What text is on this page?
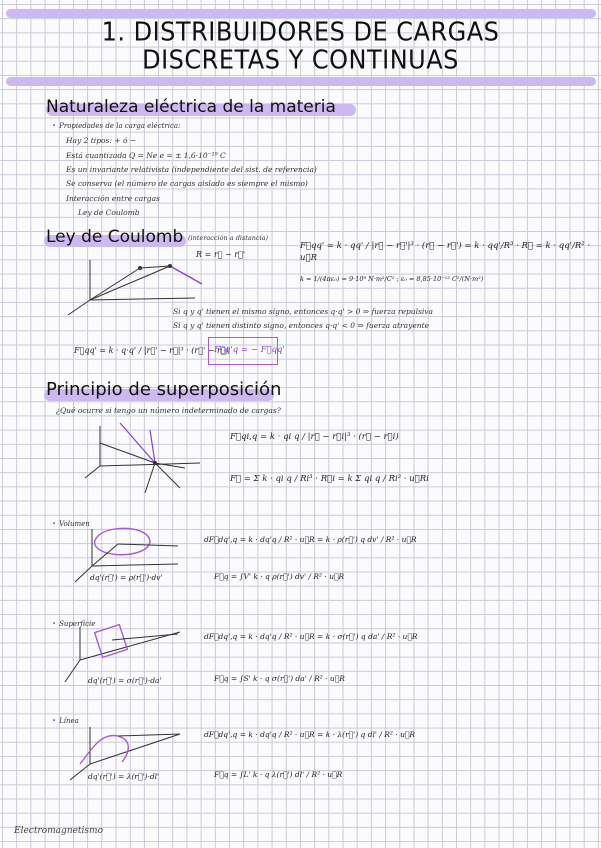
1. DISTRIBUIDORES DE CARGAS
DISCRETAS Y CONTINUAS
Naturaleza eléctrica de la materia
• Propiedades de la carga eléctrica:
Hay 2 tipos: + ó −
Está cuantizada Q = Ne e = ± 1,6·10⁻¹⁹ C
Es un invariante relativista (independiente del sist. de referencia)
Se conserva (el número de cargas aislado es siempre el mismo)
Interacción entre cargas
Ley de Coulomb
Ley de Coulomb (interacción a distancia)
R = r⃗ − r⃗'
F⃗qq' = k · qq' / |r⃗ − r⃗'|³ · (r⃗ − r⃗') = k · qq'/R³ · R⃗ = k · qq'/R² · u⃗R
k = 1/(4πε₀) = 9·10⁹ N·m²/C² ; ε₀ = 8,85·10⁻¹² C²/(N·m²)
Si q y q' tienen el mismo signo, entonces q·q' > 0 ⇒ fuerza repulsiva
Si q y q' tienen distinto signo, entonces q·q' < 0 ⇒ fuerza atrayente
F⃗qq' = k · q·q' / |r⃗' − r⃗|³ · (r⃗' − r⃗)
F⃗q'q = − F⃗qq'
Principio de superposición
¿Qué ocurre si tengo un número indeterminado de cargas?
F⃗qi,q = k · qi q / |r⃗ − r⃗i|³ · (r⃗ − r⃗i)
F⃗ = Σ k · qi q / Ri³ · R⃗i = k Σ qi q / Ri² · u⃗Ri
• Volumen
dq'(r⃗') = ρ(r⃗')·dv'
dF⃗dq',q = k · dq'q / R² · u⃗R = k · ρ(r⃗') q dv' / R² · u⃗R
F⃗q = ∫V' k · q ρ(r⃗') dv' / R² · u⃗R
• Superficie
dq'(r⃗') = σ(r⃗')·da'
dF⃗dq',q = k · dq'q / R² · u⃗R = k · σ(r⃗') q da' / R² · u⃗R
F⃗q = ∫S' k · q σ(r⃗') da' / R² · u⃗R
• Línea
dq'(r⃗') = λ(r⃗')·dl'
dF⃗dq',q = k · dq'q / R² · u⃗R = k · λ(r⃗') q dl' / R² · u⃗R
F⃗q = ∫L' k · q λ(r⃗') dl' / R² · u⃗R
Electromagnetismo
